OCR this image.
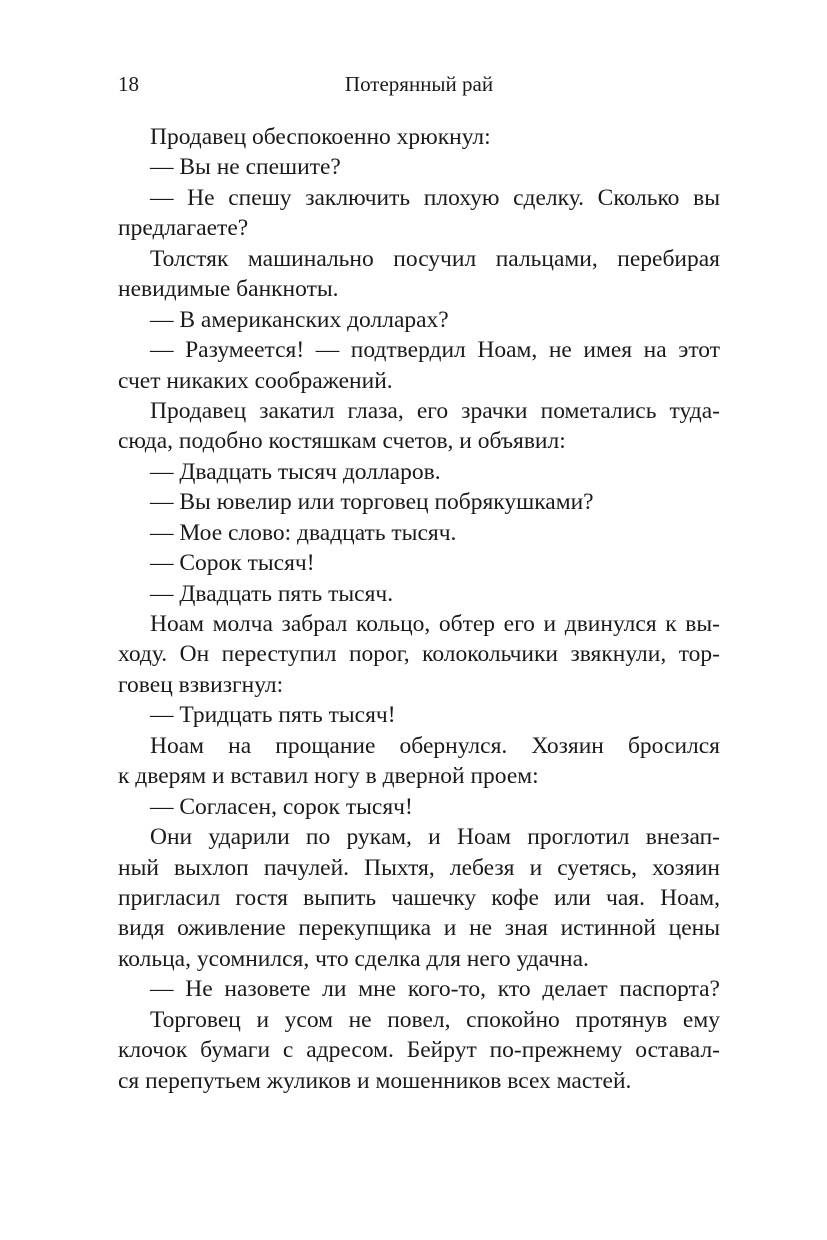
18	Потерянный рай
Продавец обеспокоенно хрюкнул:
— Вы не спешите?
— Не спешу заключить плохую сделку. Сколько вы
предлагаете?
Толстяк машинально посучил пальцами, перебирая
невидимые банкноты.
— В американских долларах?
— Разумеется! — подтвердил Ноам, не имея на этот
счет никаких соображений.
Продавец закатил глаза, его зрачки пометались туда-
сюда, подобно костяшкам счетов, и объявил:
— Двадцать тысяч долларов.
— Вы ювелир или торговец побрякушками?
— Мое слово: двадцать тысяч.
— Сорок тысяч!
— Двадцать пять тысяч.
Ноам молча забрал кольцо, обтер его и двинулся к вы-
ходу. Он переступил порог, колокольчики звякнули, тор-
говец взвизгнул:
— Тридцать пять тысяч!
Ноам на прощание обернулся. Хозяин бросился
к дверям и вставил ногу в дверной проем:
— Согласен, сорок тысяч!
Они ударили по рукам, и Ноам проглотил внезап-
ный выхлоп пачулей. Пыхтя, лебезя и суетясь, хозяин
пригласил гостя выпить чашечку кофе или чая. Ноам,
видя оживление перекупщика и не зная истинной цены
кольца, усомнился, что сделка для него удачна.
— Не назовете ли мне кого-то, кто делает паспорта?
Торговец и усом не повел, спокойно протянув ему
клочок бумаги с адресом. Бейрут по-прежнему оставал-
ся перепутьем жуликов и мошенников всех мастей.
